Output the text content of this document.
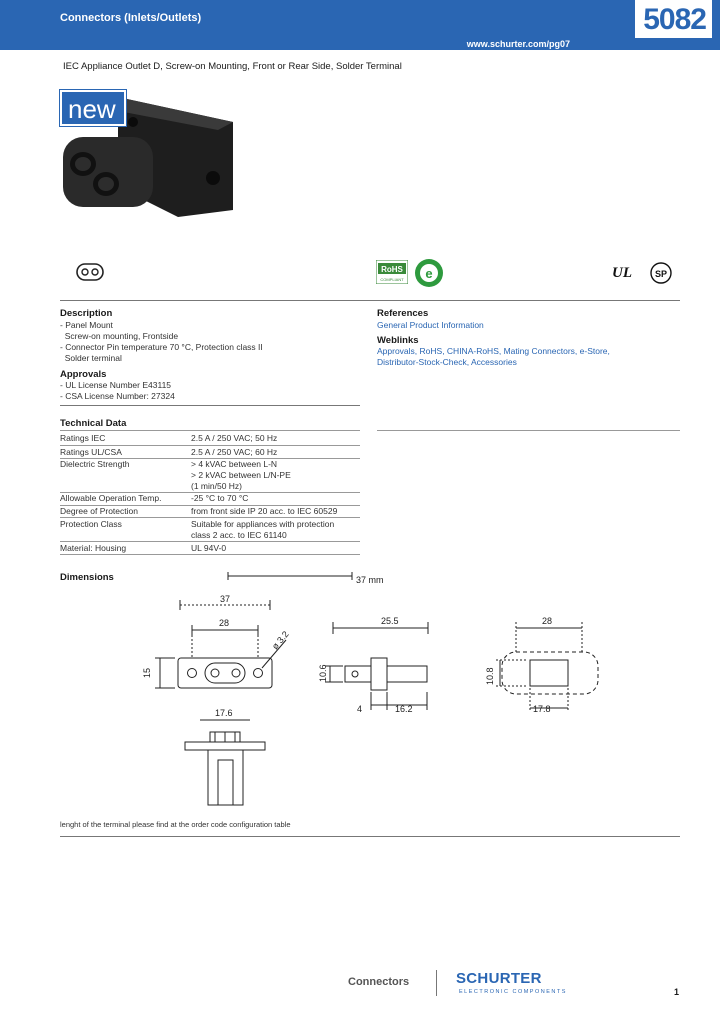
Connectors (Inlets/Outlets)	5082
www.schurter.com/pg07
IEC Appliance Outlet D, Screw-on Mounting, Front or Rear Side, Solder Terminal
new
RoHS
COMPLIANT e	UL	SP
Description
- Panel Mount
Screw-on mounting, Frontside
- Connector Pin temperature 70 °C, Protection class II
Solder terminal
Approvals
- UL License Number E43115
- CSA License Number: 27324
References
General Product Information
Weblinks
Approvals, RoHS, CHINA-RoHS, Mating Connectors, e-Store,
Distributor-Stock-Check, Accessories
Technical Data
Ratings IEC	2.5 A / 250 VAC; 50 Hz
Ratings UL/CSA	2.5 A / 250 VAC; 60 Hz
Dielectric Strength	> 4 kVAC between L-N
> 2 kVAC between L/N-PE
(1 min/50 Hz)
Allowable Operation Temp.	-25 °C to 70 °C
Degree of Protection	from front side IP 20 acc. to IEC 60529
Protection Class	Suitable for appliances with protection
class 2 acc. to IEC 61140
Material: Housing	UL 94V-0
Dimensions	37 mm
37
28
ø 3.2
15
17.6
25.5
10.6
4	16.2
28
10.8
17.8
lenght of the terminal please find at the order code configuration table
Connectors	SCHURTER
ELECTRONIC COMPONENTS	1
